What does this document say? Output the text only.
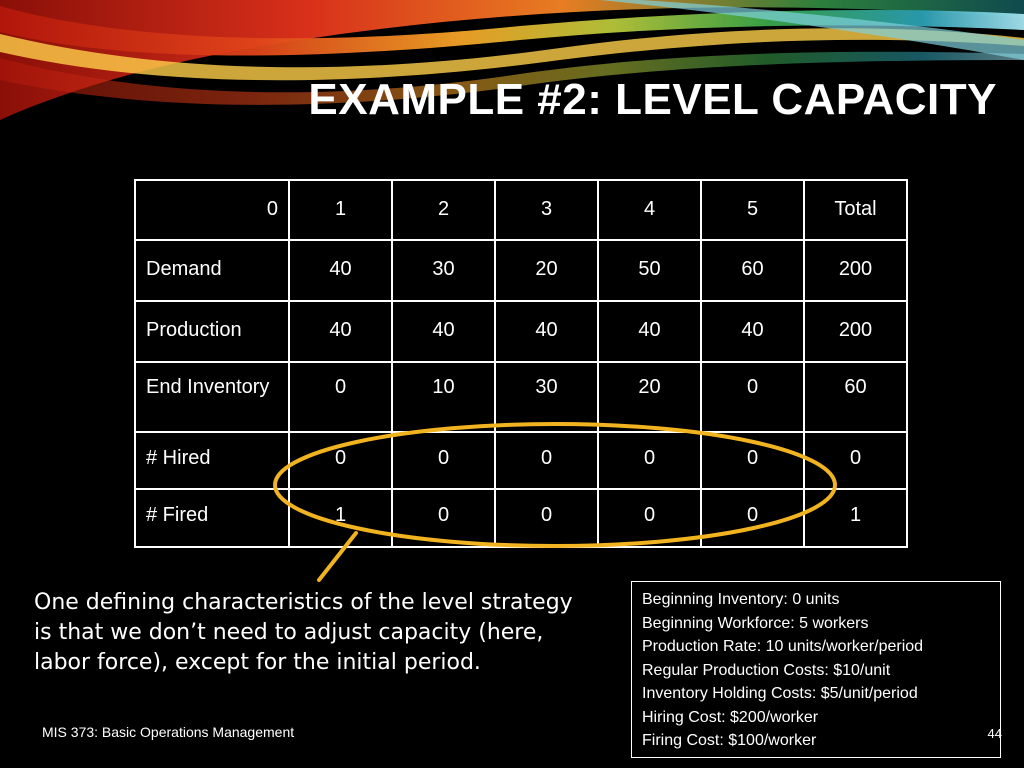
EXAMPLE #2: LEVEL CAPACITY
0	1	2	3	4	5	Total
Demand	40	30	20	50	60	200
Production	40	40	40	40	40	200
End Inventory	0	10	30	20	0	60
# Hired	0	0	0	0	0	0
# Fired	1	0	0	0	0	1
One defining characteristics of the level strategy is that we don’t need to adjust capacity (here, labor force), except for the initial period.
Beginning Inventory: 0 units
Beginning Workforce: 5 workers
Production Rate: 10 units/worker/period
Regular Production Costs: $10/unit
Inventory Holding Costs: $5/unit/period
Hiring Cost: $200/worker
Firing Cost: $100/worker
MIS 373: Basic Operations Management	44
